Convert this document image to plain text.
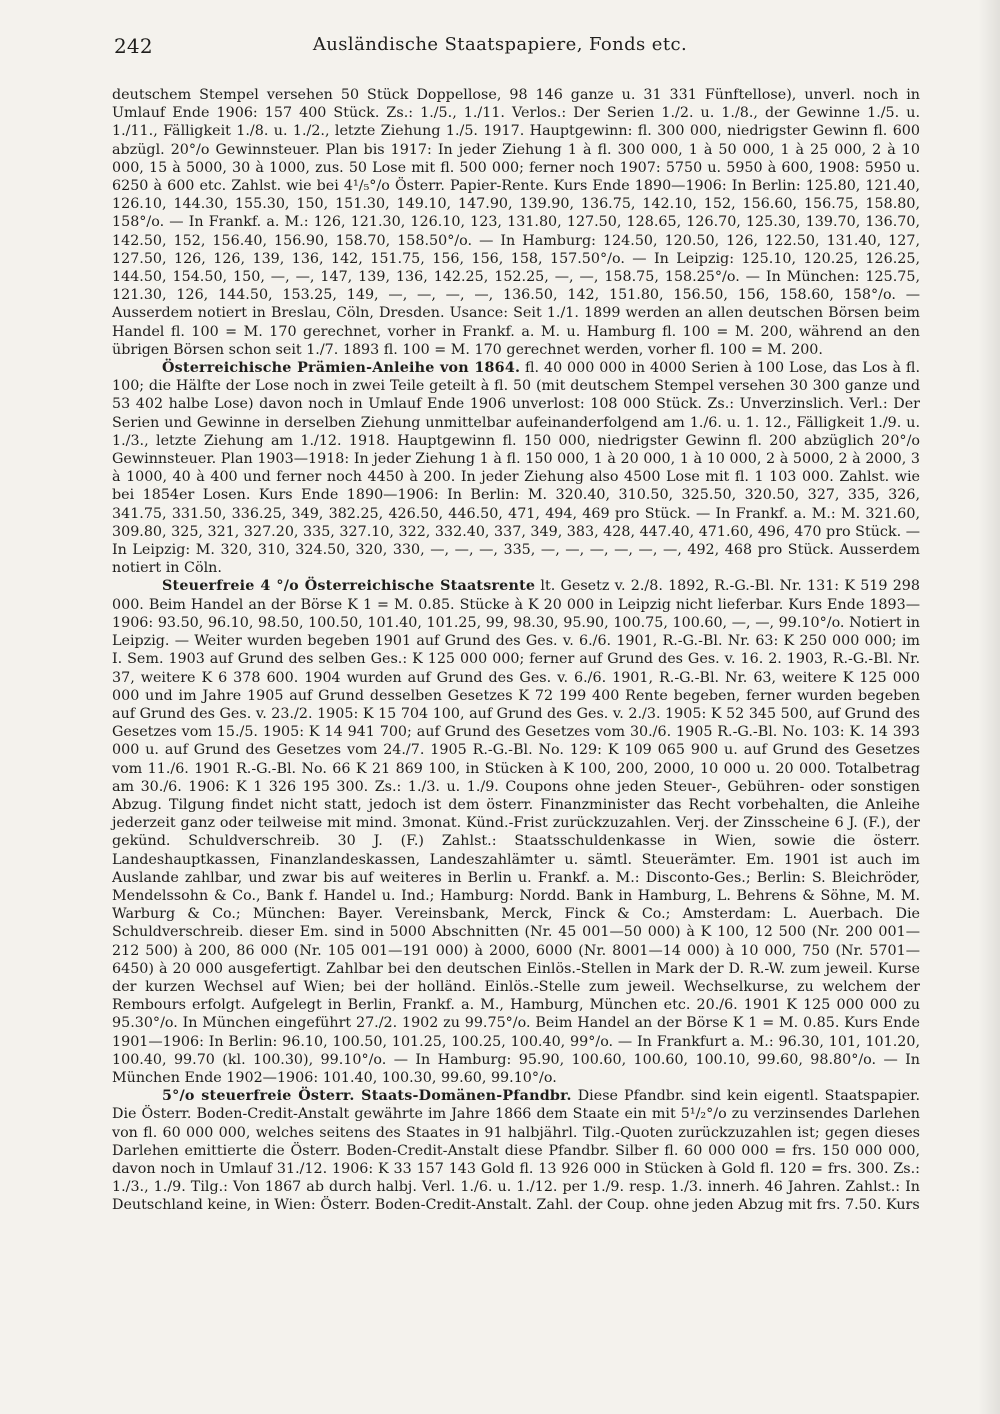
242	Ausländische Staatspapiere, Fonds etc.

deutschem Stempel versehen 50 Stück Doppellose, 98 146 ganze u. 31 331 Fünftellose), unverl. noch in Umlauf Ende 1906: 157 400 Stück. Zs.: 1./5., 1./11. Verlos.: Der Serien 1./2. u. 1./8., der Gewinne 1./5. u. 1./11., Fälligkeit 1./8. u. 1./2., letzte Ziehung 1./5. 1917. Hauptgewinn: fl. 300 000, niedrigster Gewinn fl. 600 abzügl. 20°/o Gewinnsteuer. Plan bis 1917: In jeder Ziehung 1 à fl. 300 000, 1 à 50 000, 1 à 25 000, 2 à 10 000, 15 à 5000, 30 à 1000, zus. 50 Lose mit fl. 500 000; ferner noch 1907: 5750 u. 5950 à 600, 1908: 5950 u. 6250 à 600 etc. Zahlst. wie bei 4¹/₅°/o Österr. Papier-Rente. Kurs Ende 1890—1906: In Berlin: 125.80, 121.40, 126.10, 144.30, 155.30, 150, 151.30, 149.10, 147.90, 139.90, 136.75, 142.10, 152, 156.60, 156.75, 158.80, 158°/o. — In Frankf. a. M.: 126, 121.30, 126.10, 123, 131.80, 127.50, 128.65, 126.70, 125.30, 139.70, 136.70, 142.50, 152, 156.40, 156.90, 158.70, 158.50°/o. — In Hamburg: 124.50, 120.50, 126, 122.50, 131.40, 127, 127.50, 126, 126, 139, 136, 142, 151.75, 156, 156, 158, 157.50°/o. — In Leipzig: 125.10, 120.25, 126.25, 144.50, 154.50, 150, —, —, 147, 139, 136, 142.25, 152.25, —, —, 158.75, 158.25°/o. — In München: 125.75, 121.30, 126, 144.50, 153.25, 149, —, —, —, —, 136.50, 142, 151.80, 156.50, 156, 158.60, 158°/o. — Ausserdem notiert in Breslau, Cöln, Dresden. Usance: Seit 1./1. 1899 werden an allen deutschen Börsen beim Handel fl. 100 = M. 170 gerechnet, vorher in Frankf. a. M. u. Hamburg fl. 100 = M. 200, während an den übrigen Börsen schon seit 1./7. 1893 fl. 100 = M. 170 gerechnet werden, vorher fl. 100 = M. 200.

Österreichische Prämien-Anleihe von 1864. fl. 40 000 000 in 4000 Serien à 100 Lose, das Los à fl. 100; die Hälfte der Lose noch in zwei Teile geteilt à fl. 50 (mit deutschem Stempel versehen 30 300 ganze und 53 402 halbe Lose) davon noch in Umlauf Ende 1906 unverlost: 108 000 Stück. Zs.: Unverzinslich. Verl.: Der Serien und Gewinne in derselben Ziehung unmittelbar aufeinanderfolgend am 1./6. u. 1. 12., Fälligkeit 1./9. u. 1./3., letzte Ziehung am 1./12. 1918. Hauptgewinn fl. 150 000, niedrigster Gewinn fl. 200 abzüglich 20°/o Gewinnsteuer. Plan 1903—1918: In jeder Ziehung 1 à fl. 150 000, 1 à 20 000, 1 à 10 000, 2 à 5000, 2 à 2000, 3 à 1000, 40 à 400 und ferner noch 4450 à 200. In jeder Ziehung also 4500 Lose mit fl. 1 103 000. Zahlst. wie bei 1854er Losen. Kurs Ende 1890—1906: In Berlin: M. 320.40, 310.50, 325.50, 320.50, 327, 335, 326, 341.75, 331.50, 336.25, 349, 382.25, 426.50, 446.50, 471, 494, 469 pro Stück. — In Frankf. a. M.: M. 321.60, 309.80, 325, 321, 327.20, 335, 327.10, 322, 332.40, 337, 349, 383, 428, 447.40, 471.60, 496, 470 pro Stück. — In Leipzig: M. 320, 310, 324.50, 320, 330, —, —, —, 335, —, —, —, —, —, —, 492, 468 pro Stück. Ausserdem notiert in Cöln.

Steuerfreie 4 °/o Österreichische Staatsrente lt. Gesetz v. 2./8. 1892, R.-G.-Bl. Nr. 131: K 519 298 000. Beim Handel an der Börse K 1 = M. 0.85. Stücke à K 20 000 in Leipzig nicht lieferbar. Kurs Ende 1893—1906: 93.50, 96.10, 98.50, 100.50, 101.40, 101.25, 99, 98.30, 95.90, 100.75, 100.60, —, —, 99.10°/o. Notiert in Leipzig. — Weiter wurden begeben 1901 auf Grund des Ges. v. 6./6. 1901, R.-G.-Bl. Nr. 63: K 250 000 000; im I. Sem. 1903 auf Grund des selben Ges.: K 125 000 000; ferner auf Grund des Ges. v. 16. 2. 1903, R.-G.-Bl. Nr. 37, weitere K 6 378 600. 1904 wurden auf Grund des Ges. v. 6./6. 1901, R.-G.-Bl. Nr. 63, weitere K 125 000 000 und im Jahre 1905 auf Grund desselben Gesetzes K 72 199 400 Rente begeben, ferner wurden begeben auf Grund des Ges. v. 23./2. 1905: K 15 704 100, auf Grund des Ges. v. 2./3. 1905: K 52 345 500, auf Grund des Gesetzes vom 15./5. 1905: K 14 941 700; auf Grund des Gesetzes vom 30./6. 1905 R.-G.-Bl. No. 103: K. 14 393 000 u. auf Grund des Gesetzes vom 24./7. 1905 R.-G.-Bl. No. 129: K 109 065 900 u. auf Grund des Gesetzes vom 11./6. 1901 R.-G.-Bl. No. 66 K 21 869 100, in Stücken à K 100, 200, 2000, 10 000 u. 20 000. Totalbetrag am 30./6. 1906: K 1 326 195 300. Zs.: 1./3. u. 1./9. Coupons ohne jeden Steuer-, Gebühren- oder sonstigen Abzug. Tilgung findet nicht statt, jedoch ist dem österr. Finanzminister das Recht vorbehalten, die Anleihe jederzeit ganz oder teilweise mit mind. 3monat. Künd.-Frist zurückzuzahlen. Verj. der Zinsscheine 6 J. (F.), der gekünd. Schuldverschreib. 30 J. (F.) Zahlst.: Staatsschuldenkasse in Wien, sowie die österr. Landeshauptkassen, Finanzlandeskassen, Landeszahlämter u. sämtl. Steuerämter. Em. 1901 ist auch im Auslande zahlbar, und zwar bis auf weiteres in Berlin u. Frankf. a. M.: Disconto-Ges.; Berlin: S. Bleichröder, Mendelssohn & Co., Bank f. Handel u. Ind.; Hamburg: Nordd. Bank in Hamburg, L. Behrens & Söhne, M. M. Warburg & Co.; München: Bayer. Vereinsbank, Merck, Finck & Co.; Amsterdam: L. Auerbach. Die Schuldverschreib. dieser Em. sind in 5000 Abschnitten (Nr. 45 001—50 000) à K 100, 12 500 (Nr. 200 001—212 500) à 200, 86 000 (Nr. 105 001—191 000) à 2000, 6000 (Nr. 8001—14 000) à 10 000, 750 (Nr. 5701—6450) à 20 000 ausgefertigt. Zahlbar bei den deutschen Einlös.-Stellen in Mark der D. R.-W. zum jeweil. Kurse der kurzen Wechsel auf Wien; bei der holländ. Einlös.-Stelle zum jeweil. Wechselkurse, zu welchem der Rembours erfolgt. Aufgelegt in Berlin, Frankf. a. M., Hamburg, München etc. 20./6. 1901 K 125 000 000 zu 95.30°/o. In München eingeführt 27./2. 1902 zu 99.75°/o. Beim Handel an der Börse K 1 = M. 0.85. Kurs Ende 1901—1906: In Berlin: 96.10, 100.50, 101.25, 100.25, 100.40, 99°/o. — In Frankfurt a. M.: 96.30, 101, 101.20, 100.40, 99.70 (kl. 100.30), 99.10°/o. — In Hamburg: 95.90, 100.60, 100.60, 100.10, 99.60, 98.80°/o. — In München Ende 1902—1906: 101.40, 100.30, 99.60, 99.10°/o.

5°/o steuerfreie Österr. Staats-Domänen-Pfandbr. Diese Pfandbr. sind kein eigentl. Staatspapier. Die Österr. Boden-Credit-Anstalt gewährte im Jahre 1866 dem Staate ein mit 5¹/₂°/o zu verzinsendes Darlehen von fl. 60 000 000, welches seitens des Staates in 91 halbjährl. Tilg.-Quoten zurückzuzahlen ist; gegen dieses Darlehen emittierte die Österr. Boden-Credit-Anstalt diese Pfandbr. Silber fl. 60 000 000 = frs. 150 000 000, davon noch in Umlauf 31./12. 1906: K 33 157 143 Gold fl. 13 926 000 in Stücken à Gold fl. 120 = frs. 300. Zs.: 1./3., 1./9. Tilg.: Von 1867 ab durch halbj. Verl. 1./6. u. 1./12. per 1./9. resp. 1./3. innerh. 46 Jahren. Zahlst.: In Deutschland keine, in Wien: Österr. Boden-Credit-Anstalt. Zahl. der Coup. ohne jeden Abzug mit frs. 7.50. Kurs
